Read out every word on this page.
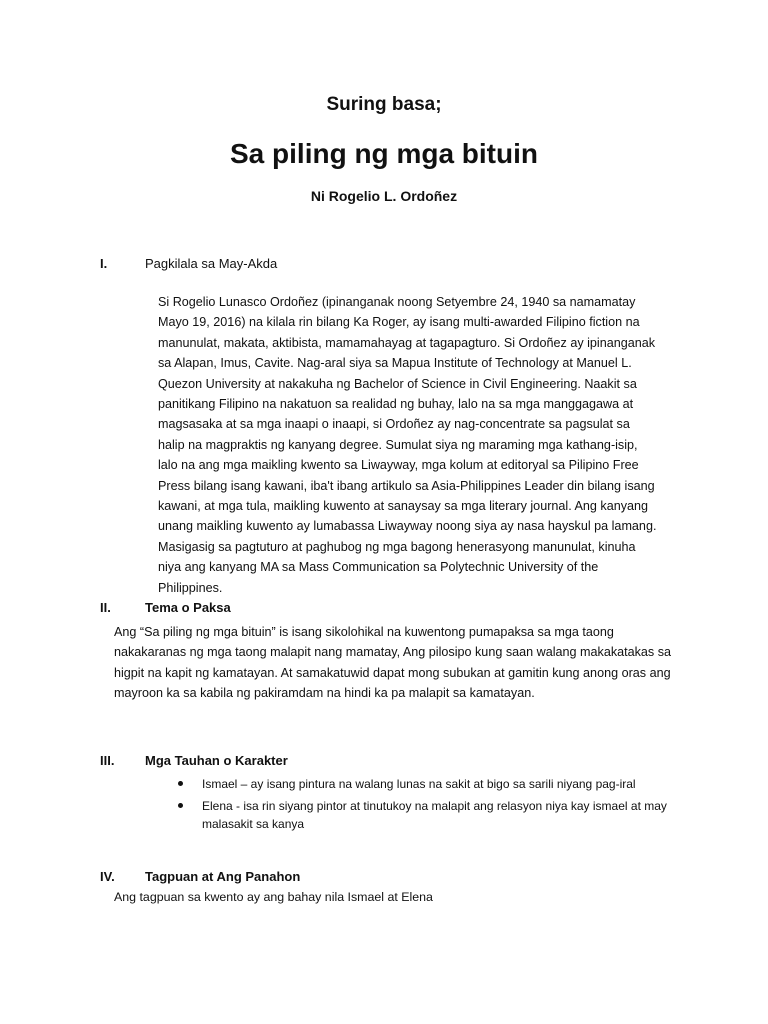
Suring basa;
Sa piling ng mga bituin
Ni Rogelio L. Ordoñez
I.	Pagkilala sa May-Akda

Si Rogelio Lunasco Ordoñez (ipinanganak noong Setyembre 24, 1940 sa namamatay Mayo 19, 2016) na kilala rin bilang Ka Roger, ay isang multi-awarded Filipino fiction na manunulat, makata, aktibista, mamamahayag at tagapagturo. Si Ordoñez ay ipinanganak sa Alapan, Imus, Cavite. Nag-aral siya sa Mapua Institute of Technology at Manuel L. Quezon University at nakakuha ng Bachelor of Science in Civil Engineering. Naakit sa panitikang Filipino na nakatuon sa realidad ng buhay, lalo na sa mga manggagawa at magsasaka at sa mga inaapi o inaapi, si Ordoñez ay nag-concentrate sa pagsulat sa halip na magpraktis ng kanyang degree. Sumulat siya ng maraming mga kathang-isip, lalo na ang mga maikling kwento sa Liwayway, mga kolum at editoryal sa Pilipino Free Press bilang isang kawani, iba't ibang artikulo sa Asia-Philippines Leader din bilang isang kawani, at mga tula, maikling kuwento at sanaysay sa mga literary journal. Ang kanyang unang maikling kuwento ay lumabassa Liwayway noong siya ay nasa hayskul pa lamang. Masigasig sa pagtuturo at paghubog ng mga bagong henerasyong manunulat, kinuha niya ang kanyang MA sa Mass Communication sa Polytechnic University of the Philippines.

II.	Tema o Paksa

Ang “Sa piling ng mga bituin” is isang sikolohikal na kuwentong pumapaksa sa mga taong nakakaranas ng mga taong malapit nang mamatay, Ang pilosipo kung saan walang makakatakas sa higpit na kapit ng kamatayan. At samakatuwid dapat mong subukan at gamitin kung anong oras ang mayroon ka sa kabila ng pakiramdam na hindi ka pa malapit sa kamatayan.

III. Mga Tauhan o Karakter
Ismael – ay isang pintura na walang lunas na sakit at bigo sa sarili niyang pag-iral
Elena - isa rin siyang pintor at tinutukoy na malapit ang relasyon niya kay ismael at may malasakit sa kanya
IV. Tagpuan at Ang Panahon
Ang tagpuan sa kwento ay ang bahay nila Ismael at Elena
